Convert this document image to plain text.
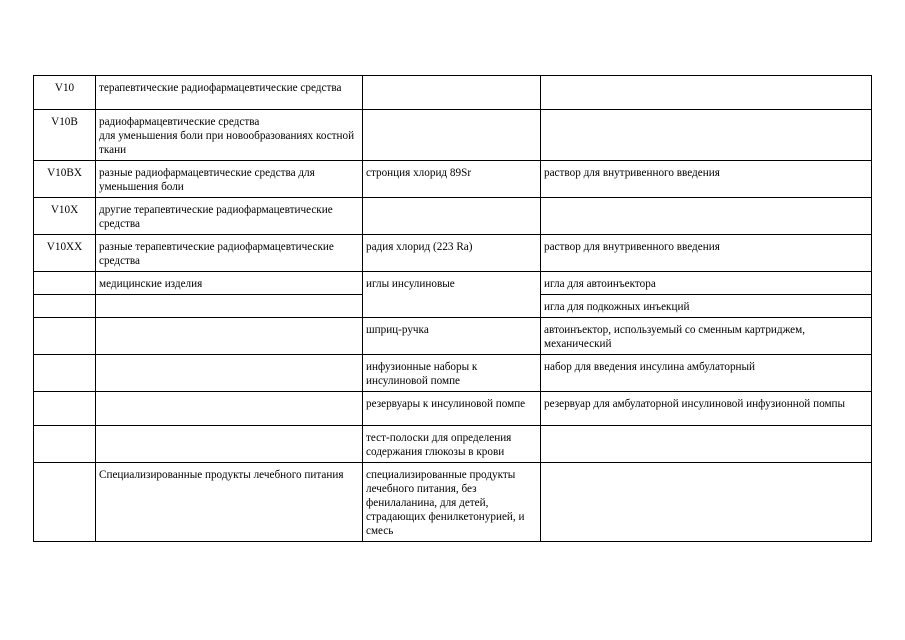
V10	терапевтические радиофармацевтические средства		
V10B	радиофармацевтические средства
для уменьшения боли при новообразованиях костной ткани		
V10BX	разные радиофармацевтические средства для уменьшения боли	стронция хлорид 89Sr	раствор для внутривенного введения
V10X	другие терапевтические радиофармацевтические средства		
V10XX	разные терапевтические радиофармацевтические средства	радия хлорид (223 Ra)	раствор для внутривенного введения
	медицинские изделия	иглы инсулиновые	игла для автоинъектора
			игла для подкожных инъекций
		шприц-ручка	автоинъектор, используемый со сменным картриджем, механический
		инфузионные наборы к инсулиновой помпе	набор для введения инсулина амбулаторный
		резервуары к инсулиновой помпе	резервуар для амбулаторной инсулиновой инфузионной помпы
		тест-полоски для определения содержания глюкозы в крови	
	Специализированные продукты лечебного питания	специализированные продукты лечебного питания, без фенилаланина, для детей, страдающих фенилкетонурией, и смесь	
